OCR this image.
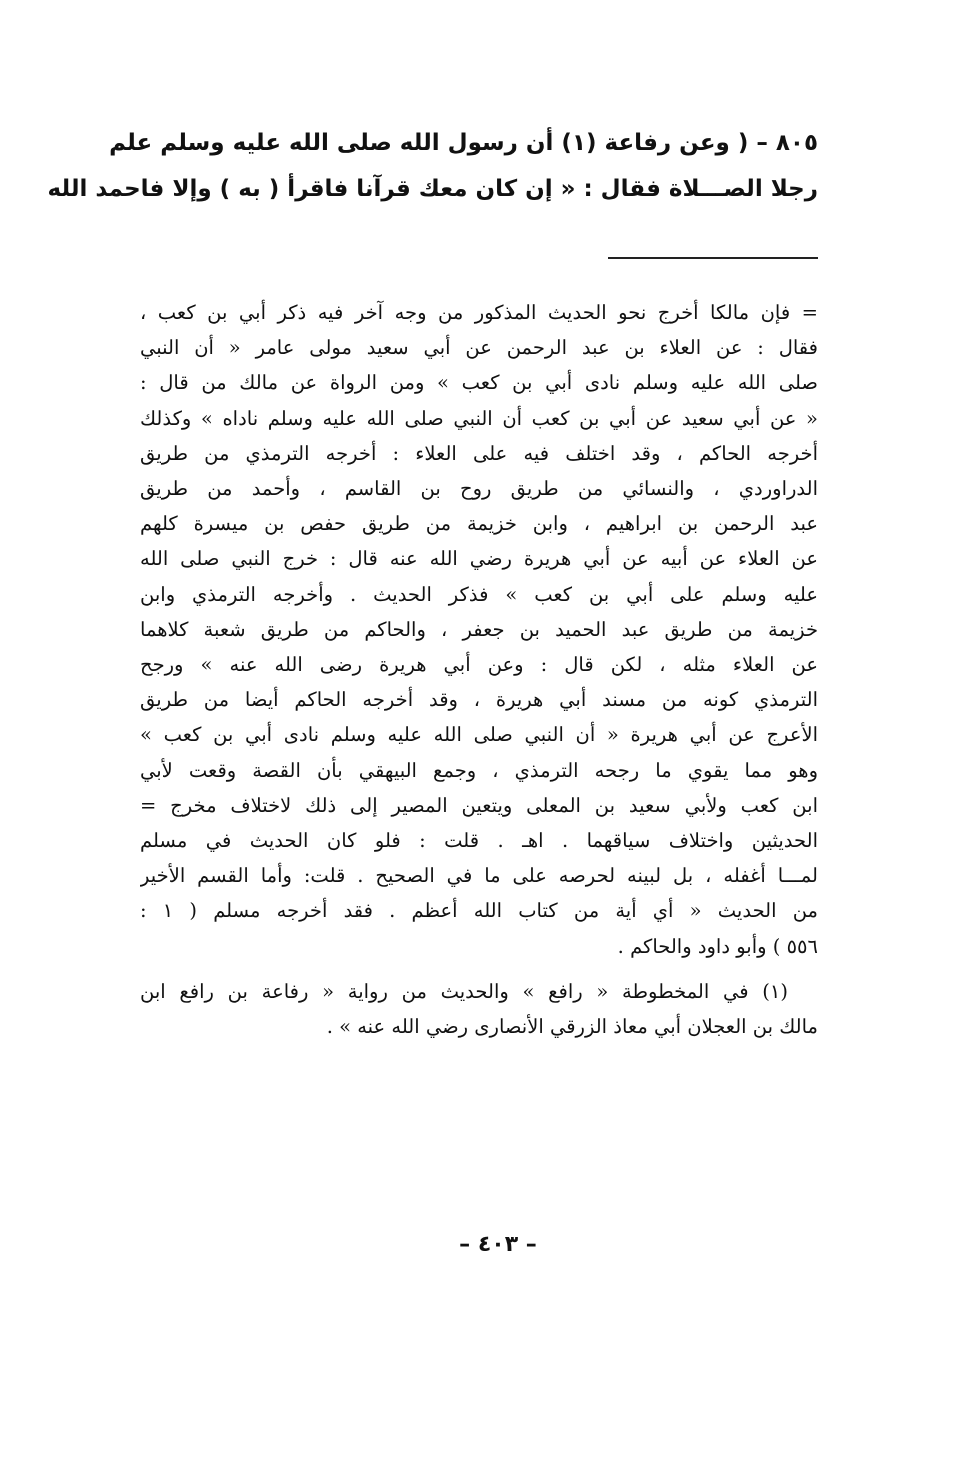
٨٠٥ – ( وعن رفاعة (١) أن رسول الله صلى الله عليه وسلم علم
رجلا الصـــلاة فقال : « إن كان معك قرآنا فاقرأ ( به ) وإلا فاحمد الله
= فإن مالكا أخرج نحو الحديث المذكور من وجه آخر فيه ذكر أبي بن كعب ،
فقال : عن العلاء بن عبد الرحمن عن أبي سعيد مولى عامر « أن النبي
صلى الله عليه وسلم نادى أبي بن كعب » ومن الرواة عن مالك من قال :
« عن أبي سعيد عن أبي بن كعب أن النبي صلى الله عليه وسلم ناداه » وكذلك
أخرجه الحاكم ، وقد اختلف فيه على العلاء : أخرجه الترمذي من طريق
الدراوردي ، والنسائي من طريق روح بن القاسم ، وأحمد من طريق
عبد الرحمن بن ابراهيم ، وابن خزيمة من طريق حفص بن ميسرة كلهم
عن العلاء عن أبيه عن أبي هريرة رضي الله عنه قال : خرج النبي صلى الله
عليه وسلم على أبي بن كعب » فذكر الحديث . وأخرجه الترمذي وابن
خزيمة من طريق عبد الحميد بن جعفر ، والحاكم من طريق شعبة كلاهما
عن العلاء مثله ، لكن قال : وعن أبي هريرة رضى الله عنه » ورجح
الترمذي كونه من مسند أبي هريرة ، وقد أخرجه الحاكم أيضا من طريق
الأعرج عن أبي هريرة « أن النبي صلى الله عليه وسلم نادى أبي بن كعب »
وهو مما يقوي ما رجحه الترمذي ، وجمع البيهقي بأن القصة وقعت لأبي
ابن كعب ولأبي سعيد بن المعلى ويتعين المصير إلى ذلك لاختلاف مخرج =
الحديثين واختلاف سياقهما . اهـ . قلت : فلو كان الحديث في مسلم
لمـــا أغفله ، بل لبينه لحرصه على ما في الصحيح . قلت: وأما القسم الأخير
من الحديث « أي أية من كتاب الله أعظم . فقد أخرجه مسلم ( ١ :
٥٥٦ ) وأبو داود والحاكم .
(١) في المخطوطة « رافع » والحديث من رواية « رفاعة بن رافع ابن
مالك بن العجلان أبي معاذ الزرقي الأنصارى رضي الله عنه » .
– ٤٠٣ –
